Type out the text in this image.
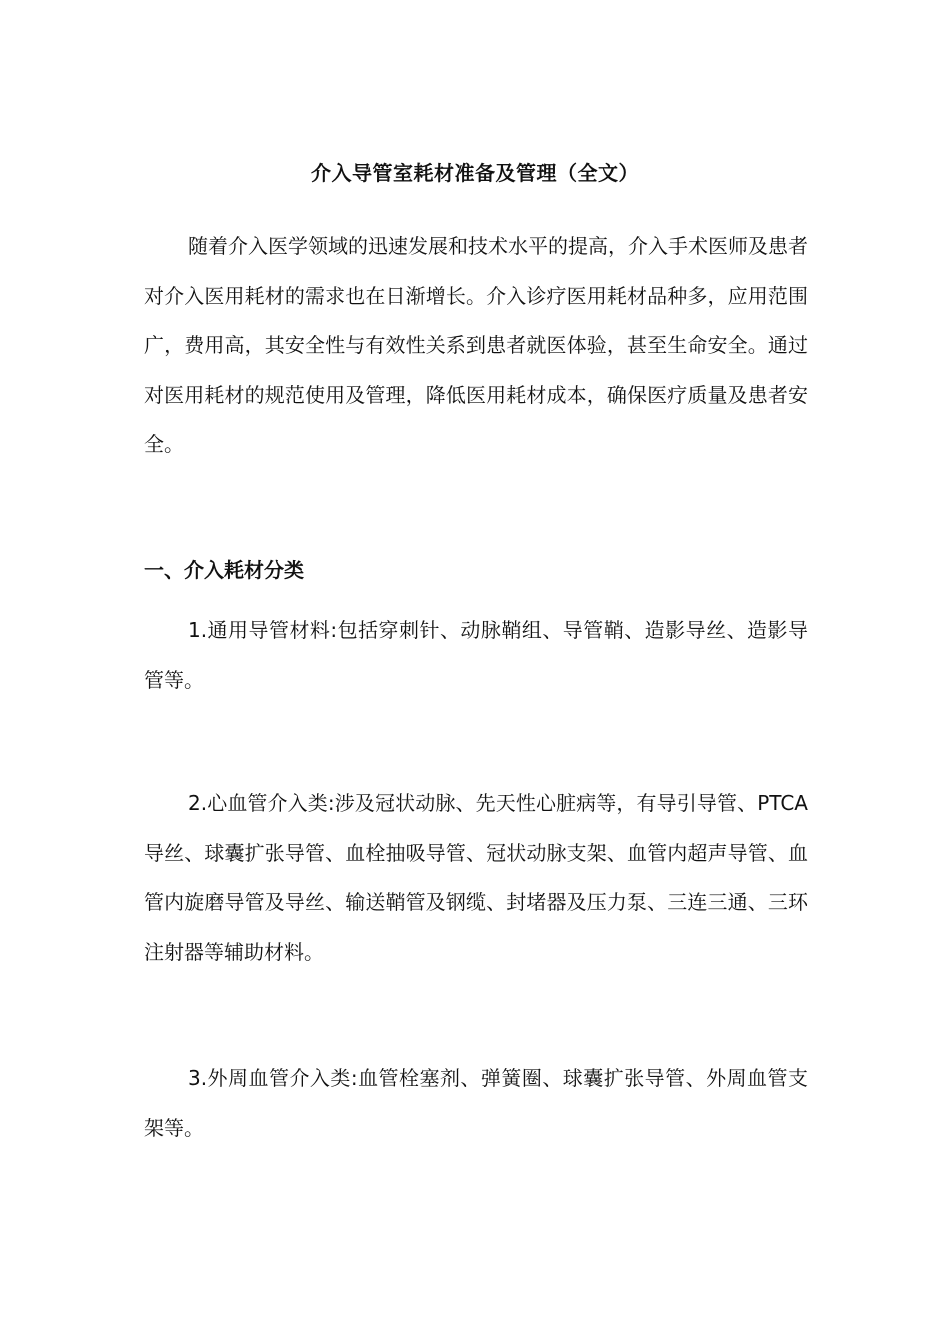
介入导管室耗材准备及管理（全文）

随着介入医学领域的迅速发展和技术水平的提高，介入手术医师及患者对介入医用耗材的需求也在日渐增长。介入诊疗医用耗材品种多，应用范围广，费用高，其安全性与有效性关系到患者就医体验，甚至生命安全。通过对医用耗材的规范使用及管理，降低医用耗材成本，确保医疗质量及患者安全。

一、介入耗材分类

1.通用导管材料:包括穿刺针、动脉鞘组、导管鞘、造影导丝、造影导管等。

2.心血管介入类:涉及冠状动脉、先天性心脏病等，有导引导管、PTCA导丝、球囊扩张导管、血栓抽吸导管、冠状动脉支架、血管内超声导管、血管内旋磨导管及导丝、输送鞘管及钢缆、封堵器及压力泵、三连三通、三环注射器等辅助材料。

3.外周血管介入类:血管栓塞剂、弹簧圈、球囊扩张导管、外周血管支架等。
